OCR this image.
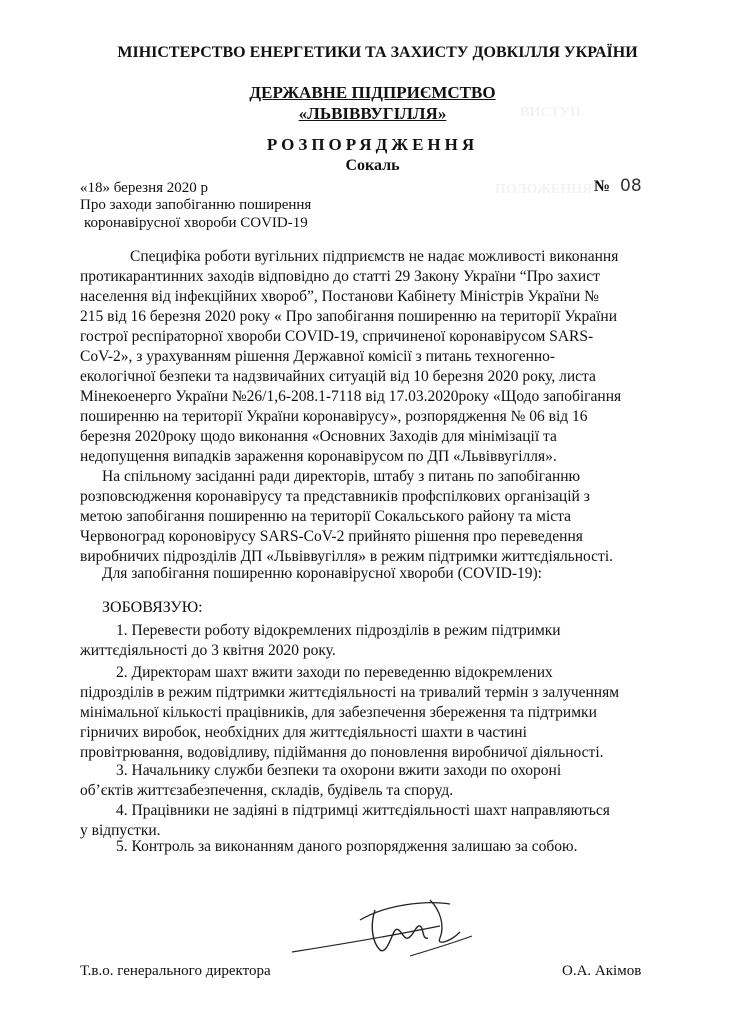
ВИСТУП
ПОЛОЖЕННЯ
МІНІСТЕРСТВО ЕНЕРГЕТИКИ ТА ЗАХИСТУ ДОВКІЛЛЯ УКРАЇНИ
ДЕРЖАВНЕ ПІДПРИЄМСТВО
«ЛЬВІВВУГІЛЛЯ»
РОЗПОРЯДЖЕННЯ
Сокаль
«18» березня 2020 р	№ 08
Про заходи запобіганню поширення
коронавірусної хвороби COVID-19
Специфіка роботи вугільних підприємств не надає можливості виконання
протикарантинних заходів відповідно до статті 29 Закону України “Про захист
населення від інфекційних хвороб”, Постанови Кабінету Міністрів України №
215 від 16 березня 2020 року « Про запобігання поширенню на території України
гострої респіраторної хвороби COVID-19, спричиненої коронавірусом SARS-
CoV-2», з урахуванням рішення Державної комісії з питань техногенно-
екологічної безпеки та надзвичайних ситуацій від 10 березня 2020 року, листа
Мінекоенерго України №26/1,6-208.1-7118 від 17.03.2020року «Щодо запобігання
поширенню на території України коронавірусу», розпорядження № 06 від 16
березня 2020року щодо виконання «Основних Заходів для мінімізації та
недопущення випадків зараження коронавірусом по ДП «Львіввугілля».
На спільному засіданні ради директорів, штабу з питань по запобіганню
розповсюдження коронавірусу та представників профспілкових організацій з
метою запобігання поширенню на території Сокальського району та міста
Червоноград короновірусу SARS-CoV-2 прийнято рішення про переведення
виробничих підрозділів ДП «Львіввугілля» в режим підтримки життєдіяльності.
Для запобігання поширенню коронавірусної хвороби (COVID-19):
ЗОБОВЯЗУЮ:
1. Перевести роботу відокремлених підрозділів в режим підтримки
життєдіяльності до 3 квітня 2020 року.
2. Директорам шахт вжити заходи по переведенню відокремлених
підрозділів в режим підтримки життєдіяльності на тривалий термін з залученням
мінімальної кількості працівників, для забезпечення збереження та підтримки
гірничих виробок, необхідних для життєдіяльності шахти в частині
провітрювання, водовідливу, підіймання до поновлення виробничої діяльності.
3. Начальнику служби безпеки та охорони вжити заходи по охороні
об’єктів життєзабезпечення, складів, будівель та споруд.
4. Працівники не задіяні в підтримці життєдіяльності шахт направляються
у відпустки.
5. Контроль за виконанням даного розпорядження залишаю за собою.
Т.в.о. генерального директора	О.А. Акімов
